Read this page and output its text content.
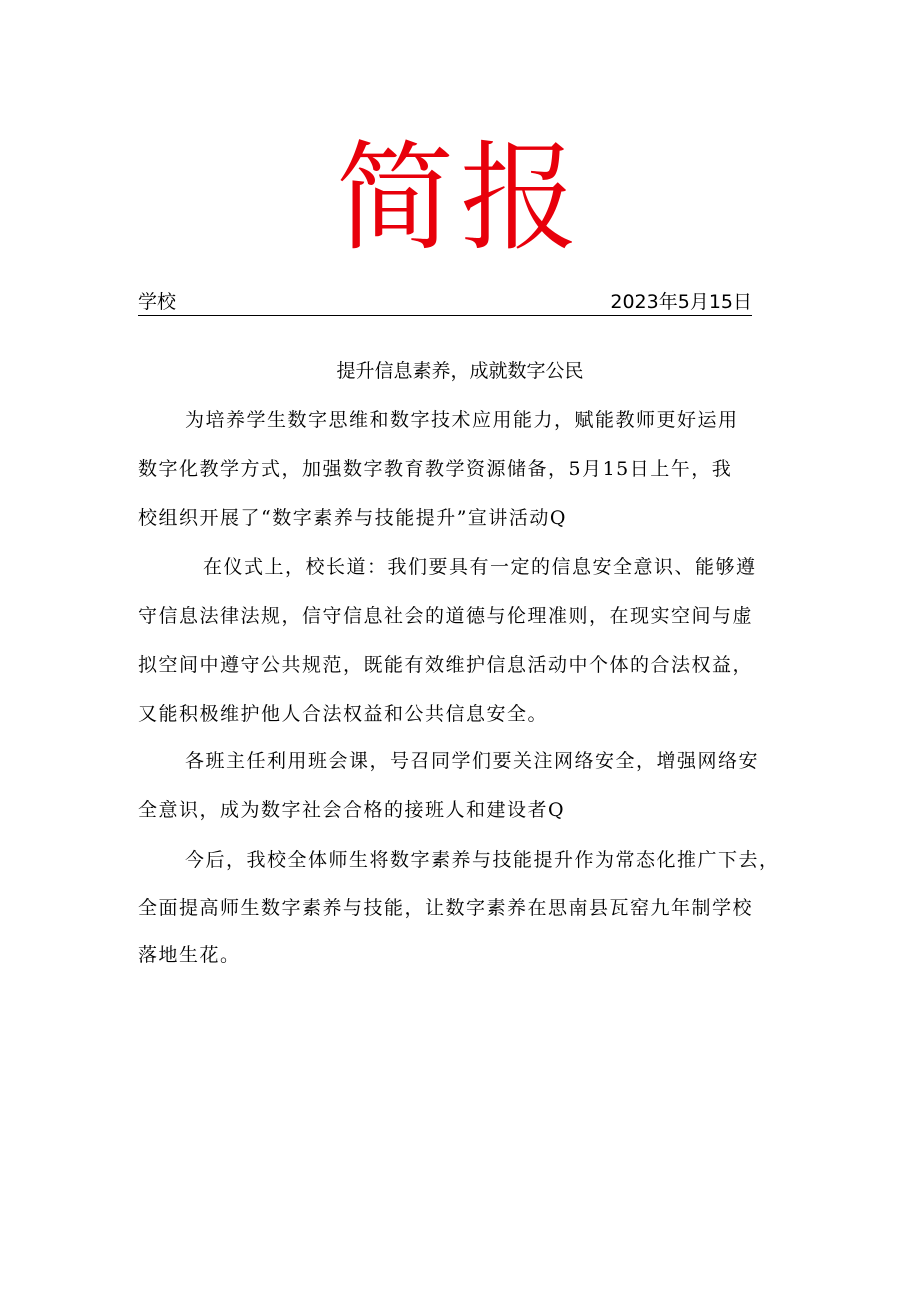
简报
学校	2023年5月15日
提升信息素养，成就数字公民
为培养学生数字思维和数字技术应用能力，赋能教师更好运用
数字化教学方式，加强数字教育教学资源储备，5月15日上午，我
校组织开展了“数字素养与技能提升”宣讲活动Q
在仪式上，校长道：我们要具有一定的信息安全意识、能够遵
守信息法律法规，信守信息社会的道德与伦理准则，在现实空间与虚
拟空间中遵守公共规范，既能有效维护信息活动中个体的合法权益，
又能积极维护他人合法权益和公共信息安全。
各班主任利用班会课，号召同学们要关注网络安全，增强网络安
全意识，成为数字社会合格的接班人和建设者Q
今后，我校全体师生将数字素养与技能提升作为常态化推广下去，
全面提高师生数字素养与技能，让数字素养在思南县瓦窑九年制学校
落地生花。
